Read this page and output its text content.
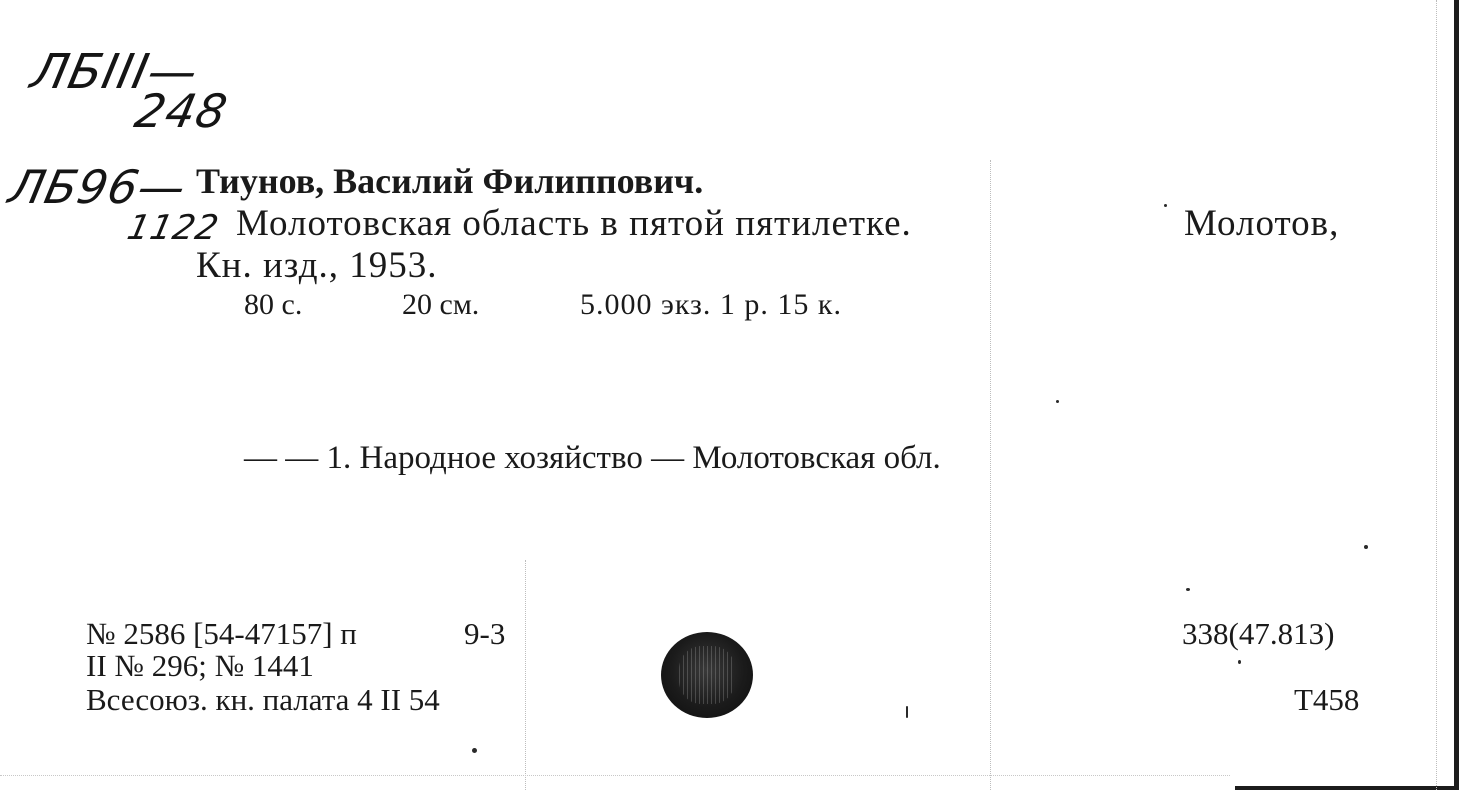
ЛБIII—
248
ЛБ96—
1122
Тиунов, Василий Филиппович.
Молотовская область в пятой пятилетке.	Молотов,
Кн. изд., 1953.
80 с.	20 см.	5.000 экз. 1 р. 15 к.
— — 1. Народное хозяйство — Молотовская обл.
№ 2586 [54-47157] п	9-3
II № 296; № 1441
Всесоюз. кн. палата 4 II 54
338(47.813)
Т458
